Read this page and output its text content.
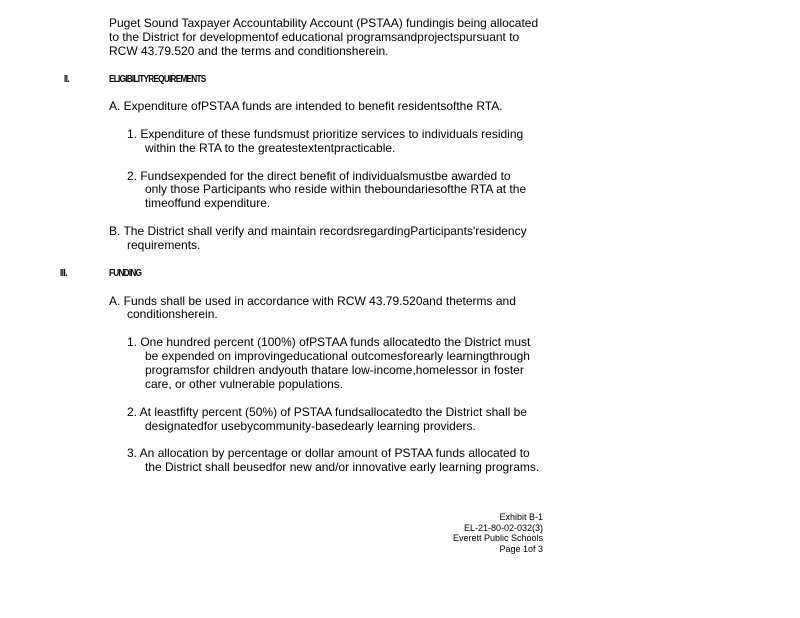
Puget Sound Taxpayer Accountability Account (PSTAA) fundingis being allocated
to the District for developmentof educational programsandprojectspursuant to
RCW 43.79.520 and the terms and conditionsherein.
II.	ELIGIBILITYREQUIREMENTS
A. Expenditure ofPSTAA funds are intended to benefit residentsofthe RTA.
1. Expenditure of these fundsmust prioritize services to individuals residing
within the RTA to the greatestextentpracticable.
2. Fundsexpended for the direct benefit of individualsmustbe awarded to
only those Participants who reside within theboundariesofthe RTA at the
timeoffund expenditure.
B. The District shall verify and maintain recordsregardingParticipants'residency
requirements.
III.	FUNDING
A. Funds shall be used in accordance with RCW 43.79.520and theterms and
conditionsherein.
1. One hundred percent (100%) ofPSTAA funds allocatedto the District must
be expended on improvingeducational outcomesforearly learningthrough
programsfor children andyouth thatare low-income,homelessor in foster
care, or other vulnerable populations.
2. At leastfifty percent (50%) of PSTAA fundsallocatedto the District shall be
designatedfor usebycommunity-basedearly learning providers.
3. An allocation by percentage or dollar amount of PSTAA funds allocated to
the District shall beusedfor new and/or innovative early learning programs.
Exhibit B-1
EL-21-80-02-032(3)
Everett Public Schools
Page 1of 3
